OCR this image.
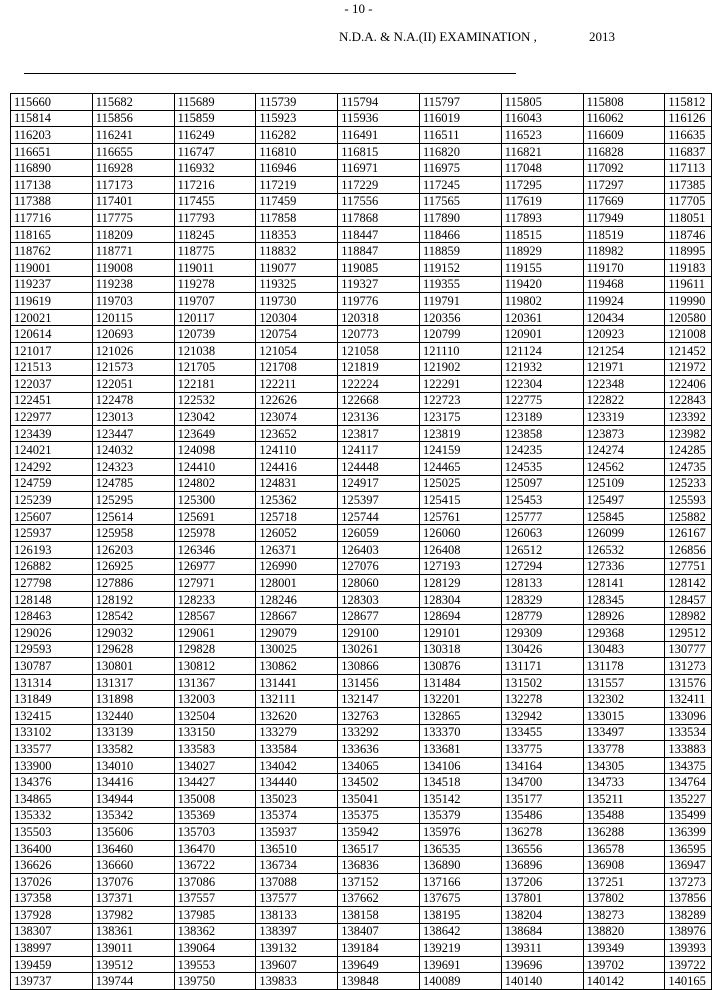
- 10 -
N.D.A. & N.A.(II) EXAMINATION ,	2013
115660	115682	115689	115739	115794	115797	115805	115808	115812
115814	115856	115859	115923	115936	116019	116043	116062	116126
116203	116241	116249	116282	116491	116511	116523	116609	116635
116651	116655	116747	116810	116815	116820	116821	116828	116837
116890	116928	116932	116946	116971	116975	117048	117092	117113
117138	117173	117216	117219	117229	117245	117295	117297	117385
117388	117401	117455	117459	117556	117565	117619	117669	117705
117716	117775	117793	117858	117868	117890	117893	117949	118051
118165	118209	118245	118353	118447	118466	118515	118519	118746
118762	118771	118775	118832	118847	118859	118929	118982	118995
119001	119008	119011	119077	119085	119152	119155	119170	119183
119237	119238	119278	119325	119327	119355	119420	119468	119611
119619	119703	119707	119730	119776	119791	119802	119924	119990
120021	120115	120117	120304	120318	120356	120361	120434	120580
120614	120693	120739	120754	120773	120799	120901	120923	121008
121017	121026	121038	121054	121058	121110	121124	121254	121452
121513	121573	121705	121708	121819	121902	121932	121971	121972
122037	122051	122181	122211	122224	122291	122304	122348	122406
122451	122478	122532	122626	122668	122723	122775	122822	122843
122977	123013	123042	123074	123136	123175	123189	123319	123392
123439	123447	123649	123652	123817	123819	123858	123873	123982
124021	124032	124098	124110	124117	124159	124235	124274	124285
124292	124323	124410	124416	124448	124465	124535	124562	124735
124759	124785	124802	124831	124917	125025	125097	125109	125233
125239	125295	125300	125362	125397	125415	125453	125497	125593
125607	125614	125691	125718	125744	125761	125777	125845	125882
125937	125958	125978	126052	126059	126060	126063	126099	126167
126193	126203	126346	126371	126403	126408	126512	126532	126856
126882	126925	126977	126990	127076	127193	127294	127336	127751
127798	127886	127971	128001	128060	128129	128133	128141	128142
128148	128192	128233	128246	128303	128304	128329	128345	128457
128463	128542	128567	128667	128677	128694	128779	128926	128982
129026	129032	129061	129079	129100	129101	129309	129368	129512
129593	129628	129828	130025	130261	130318	130426	130483	130777
130787	130801	130812	130862	130866	130876	131171	131178	131273
131314	131317	131367	131441	131456	131484	131502	131557	131576
131849	131898	132003	132111	132147	132201	132278	132302	132411
132415	132440	132504	132620	132763	132865	132942	133015	133096
133102	133139	133150	133279	133292	133370	133455	133497	133534
133577	133582	133583	133584	133636	133681	133775	133778	133883
133900	134010	134027	134042	134065	134106	134164	134305	134375
134376	134416	134427	134440	134502	134518	134700	134733	134764
134865	134944	135008	135023	135041	135142	135177	135211	135227
135332	135342	135369	135374	135375	135379	135486	135488	135499
135503	135606	135703	135937	135942	135976	136278	136288	136399
136400	136460	136470	136510	136517	136535	136556	136578	136595
136626	136660	136722	136734	136836	136890	136896	136908	136947
137026	137076	137086	137088	137152	137166	137206	137251	137273
137358	137371	137557	137577	137662	137675	137801	137802	137856
137928	137982	137985	138133	138158	138195	138204	138273	138289
138307	138361	138362	138397	138407	138642	138684	138820	138976
138997	139011	139064	139132	139184	139219	139311	139349	139393
139459	139512	139553	139607	139649	139691	139696	139702	139722
139737	139744	139750	139833	139848	140089	140140	140142	140165
